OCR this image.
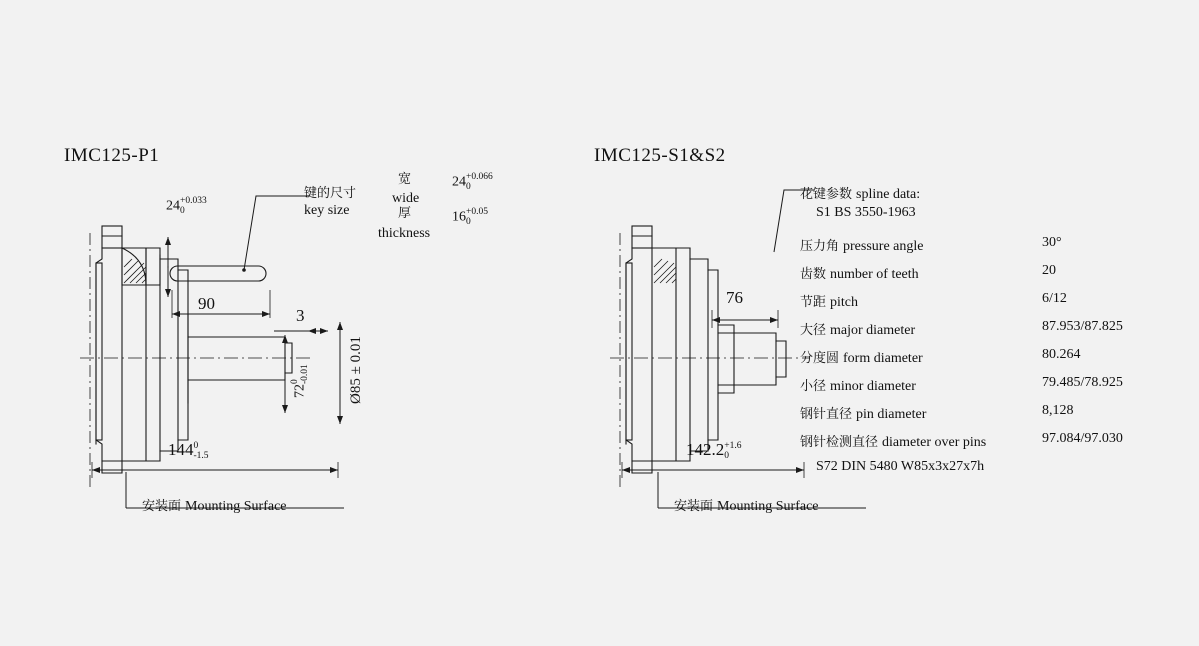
IMC125-P1
键的尺寸
key size
宽
wide
24 +0.066
0
厚
thickness
16 +0.05
0
24 +0.033
0
90
3
Ø85 ± 0.01
72
0 -0.01
144 0
-1.5
安装面 Mounting Surface
IMC125-S1&S2
花键参数 spline data:
S1 BS 3550-1963
压力角 pressure angle	30°
齿数 number of teeth	20
节距 pitch	6/12
大径 major diameter	87.953/87.825
分度圆 form diameter	80.264
小径 minor diameter	79.485/78.925
钢针直径 pin diameter	8,128
钢针检测直径 diameter over pins	97.084/97.030
S72 DIN 5480 W85x3x27x7h
76
142.2 +1.6
0
安装面 Mounting Surface
